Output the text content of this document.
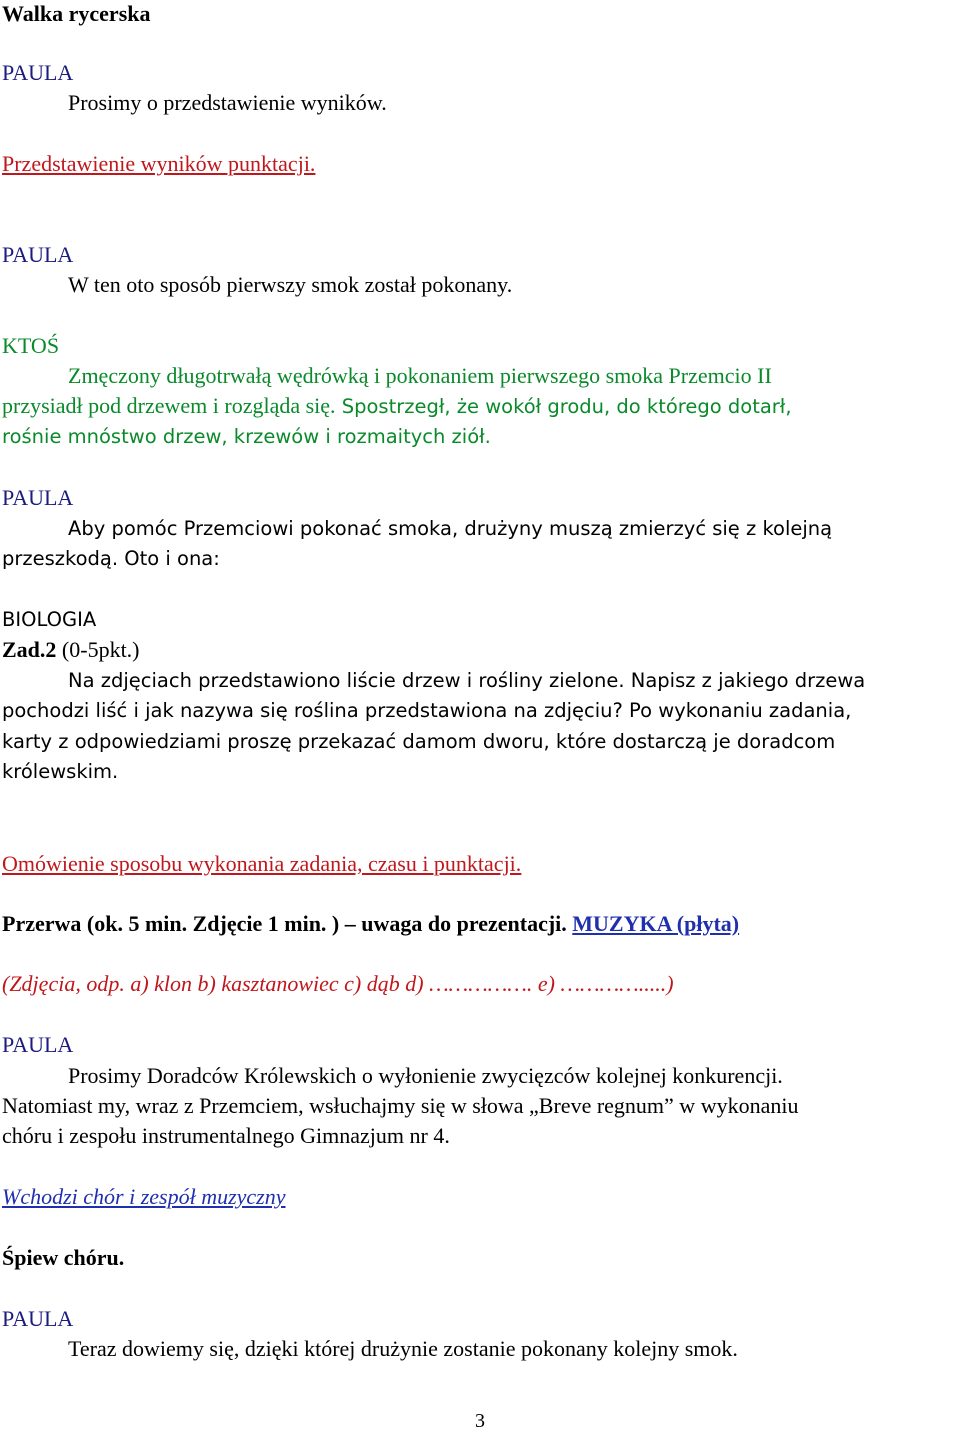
Walka rycerska
PAULA
Prosimy o przedstawienie wyników.
Przedstawienie wyników punktacji.
PAULA
W ten oto sposób pierwszy smok został pokonany.
KTOŚ
Zmęczony długotrwałą wędrówką i pokonaniem pierwszego smoka Przemcio II
przysiadł pod drzewem i rozgląda się. Spostrzegł, że wokół grodu, do którego dotarł,
rośnie mnóstwo drzew, krzewów i rozmaitych ziół.
PAULA
Aby pomóc Przemciowi pokonać smoka, drużyny muszą zmierzyć się z kolejną
przeszkodą. Oto i ona:
BIOLOGIA
Zad.2 (0-5pkt.)
Na zdjęciach przedstawiono liście drzew i rośliny zielone. Napisz z jakiego drzewa
pochodzi liść i jak nazywa się roślina przedstawiona na zdjęciu? Po wykonaniu zadania,
karty z odpowiedziami proszę przekazać damom dworu, które dostarczą je doradcom
królewskim.
Omówienie sposobu wykonania zadania, czasu i punktacji.
Przerwa (ok. 5 min. Zdjęcie 1 min. ) – uwaga do prezentacji. MUZYKA (płyta)
(Zdjęcia, odp. a) klon b) kasztanowiec c) dąb d) ……………. e) ………….....)
PAULA
Prosimy Doradców Królewskich o wyłonienie zwycięzców kolejnej konkurencji.
Natomiast my, wraz z Przemciem, wsłuchajmy się w słowa „Breve regnum” w wykonaniu
chóru i zespołu instrumentalnego Gimnazjum nr 4.
Wchodzi chór i zespół muzyczny
Śpiew chóru.
PAULA
Teraz dowiemy się, dzięki której drużynie zostanie pokonany kolejny smok.
3
